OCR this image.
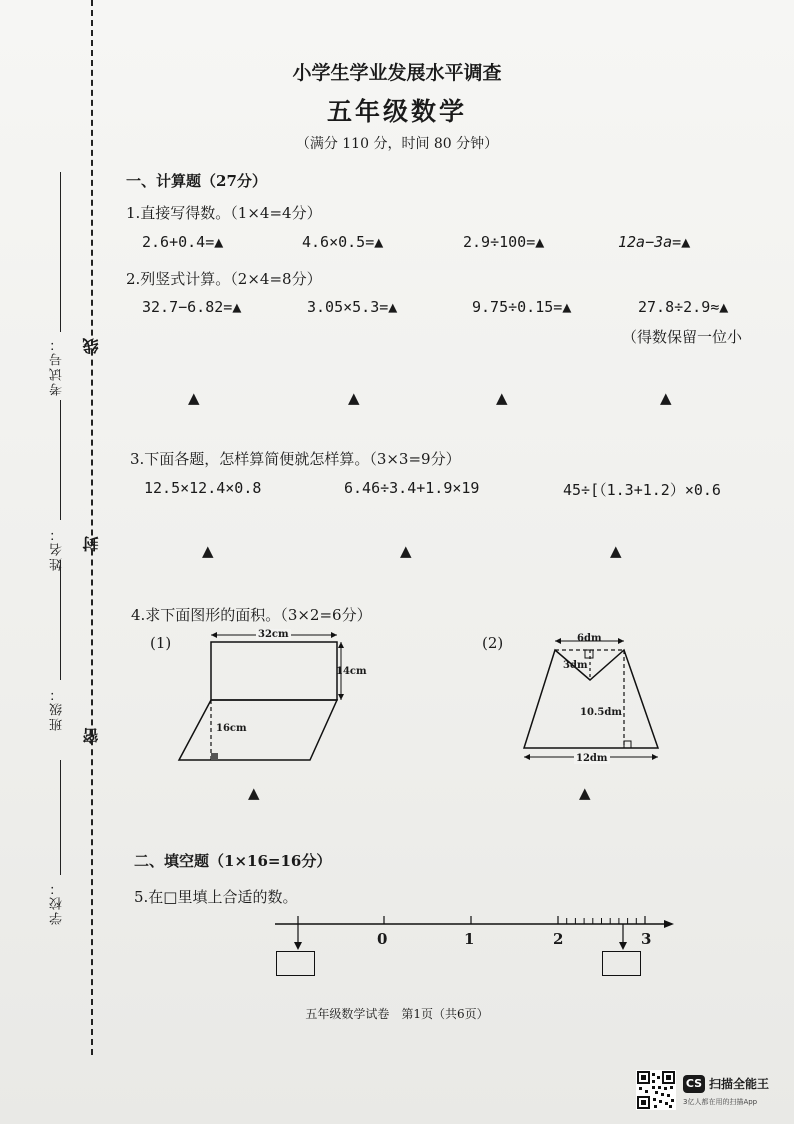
考试号：
姓名：
班级：
学校：
线
封
密
小学生学业发展水平调查
五年级数学
（满分 110 分，时间 80 分钟）
一、计算题（27分）
1.直接写得数。（1×4=4分）
2.6+0.4=▲	4.6×0.5=▲	2.9÷100=▲	12a−3a=▲
2.列竖式计算。（2×4=8分）
32.7−6.82=▲	3.05×5.3=▲	9.75÷0.15=▲	27.8÷2.9≈▲
（得数保留一位小
▲	▲	▲	▲
3.下面各题，怎样算简便就怎样算。（3×3=9分）
12.5×12.4×0.8	6.46÷3.4+1.9×19	45÷[（1.3+1.2）×0.6
▲	▲	▲
4.求下面图形的面积。（3×2=6分）
(1)	32cm
14cm
16cm
▲
(2)	6dm
3dm
10.5dm
12dm
▲
二、填空题（1×16=16分）
5.在□里填上合适的数。
0	1	2	3
五年级数学试卷　第1页（共6页）
CS 扫描全能王
3亿人都在用的扫描App
